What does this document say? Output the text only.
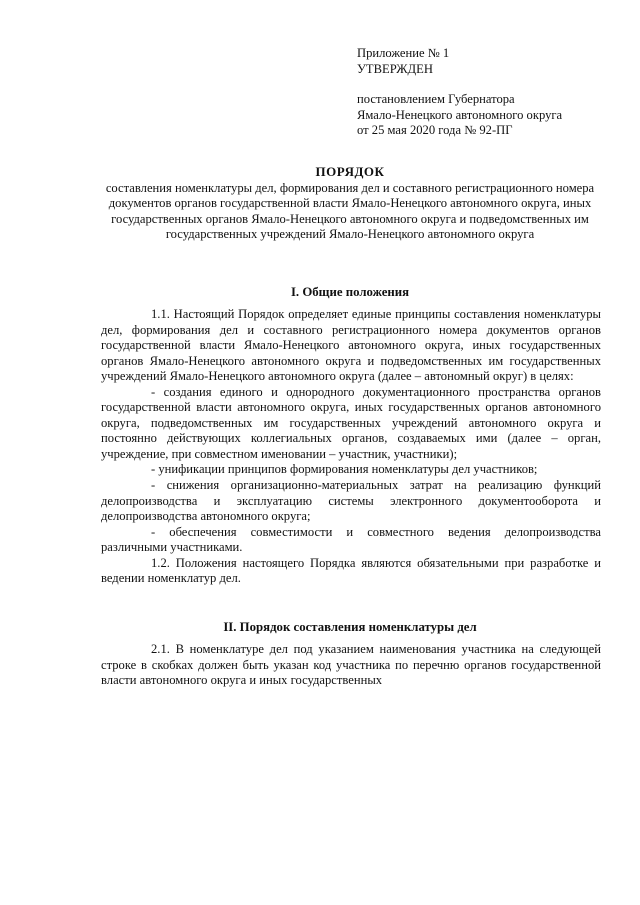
Приложение № 1
УТВЕРЖДЕН
постановлением Губернатора
Ямало-Ненецкого автономного округа
от 25 мая 2020 года № 92-ПГ
ПОРЯДОК
составления номенклатуры дел, формирования дел и составного регистрационного номера документов органов государственной власти Ямало-Ненецкого автономного округа, иных государственных органов Ямало-Ненецкого автономного округа и подведомственных им государственных учреждений Ямало-Ненецкого автономного округа
I. Общие положения

1.1. Настоящий Порядок определяет единые принципы составления номенклатуры дел, формирования дел и составного регистрационного номера документов органов государственной власти Ямало-Ненецкого автономного округа, иных государственных органов Ямало-Ненецкого автономного округа и подведомственных им государственных учреждений Ямало-Ненецкого автономного округа (далее – автономный округ) в целях:

- создания единого и однородного документационного пространства органов государственной власти автономного округа, иных государственных органов автономного округа, подведомственных им государственных учреждений автономного округа и постоянно действующих коллегиальных органов, создаваемых ими (далее – орган, учреждение, при совместном именовании – участник, участники);

- унификации принципов формирования номенклатуры дел участников;

- снижения организационно-материальных затрат на реализацию функций делопроизводства и эксплуатацию системы электронного документооборота и делопроизводства автономного округа;

- обеспечения совместимости и совместного ведения делопроизводства различными участниками.

1.2. Положения настоящего Порядка являются обязательными при разработке и ведении номенклатур дел.

II. Порядок составления номенклатуры дел

2.1. В номенклатуре дел под указанием наименования участника на следующей строке в скобках должен быть указан код участника по перечню органов государственной власти автономного округа и иных государственных
